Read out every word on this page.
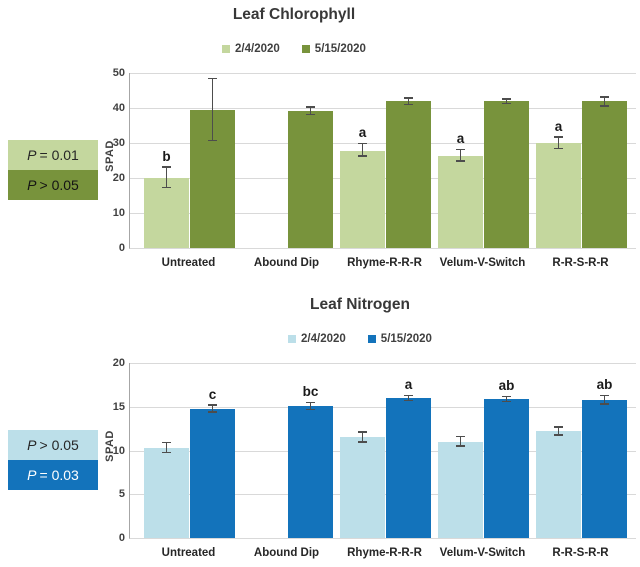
Leaf Chlorophyll
2/4/2020	5/15/2020
P = 0.01
P > 0.05
SPAD
0
10
20
30
40
50
b
a	a
a
Untreated	Abound Dip	Rhyme-R-R-R	Velum-V-Switch	R-R-S-R-R
Leaf Nitrogen
2/4/2020	5/15/2020
P > 0.05
P = 0.03
SPAD
0
5
10
15
20
c	bc	a	ab	ab
Untreated	Abound Dip	Rhyme-R-R-R	Velum-V-Switch	R-R-S-R-R
